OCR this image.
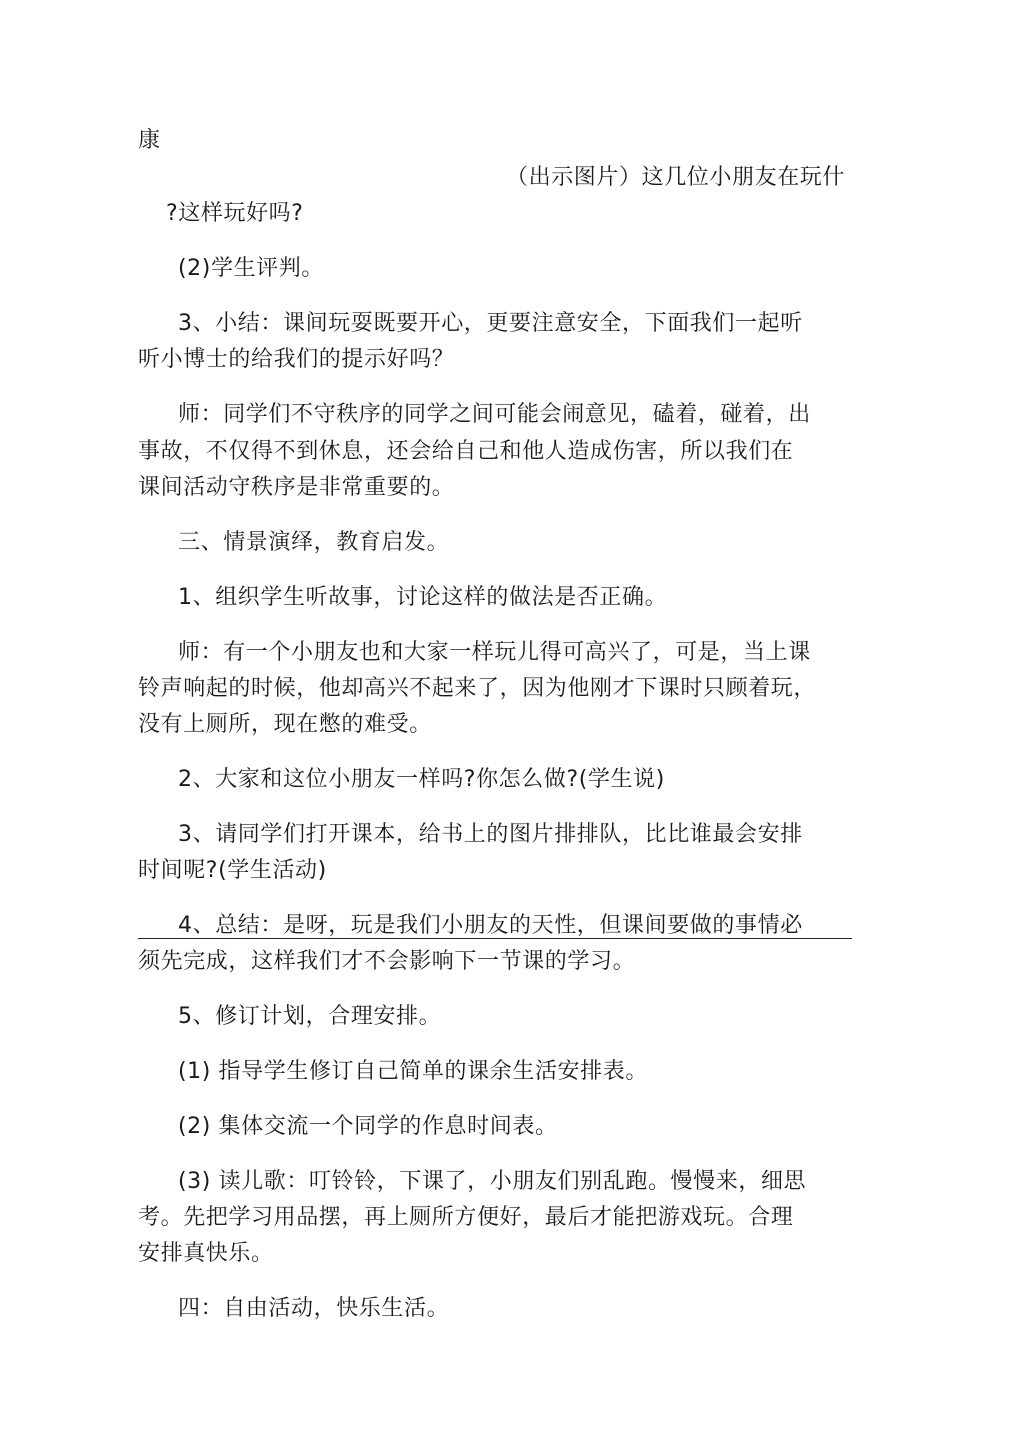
康
（出示图片）这几位小朋友在玩什
?这样玩好吗?
(2)学生评判。
3、小结：课间玩耍既要开心，更要注意安全，下面我们一起听
听小博士的给我们的提示好吗？
师：同学们不守秩序的同学之间可能会闹意见，磕着，碰着，出
事故，不仅得不到休息，还会给自己和他人造成伤害，所以我们在
课间活动守秩序是非常重要的。
三、情景演绎，教育启发。
1、组织学生听故事，讨论这样的做法是否正确。
师：有一个小朋友也和大家一样玩儿得可高兴了，可是，当上课
铃声响起的时候，他却高兴不起来了，因为他刚才下课时只顾着玩，
没有上厕所，现在憋的难受。
2、大家和这位小朋友一样吗?你怎么做?(学生说)
3、请同学们打开课本，给书上的图片排排队，比比谁最会安排
时间呢?(学生活动)
4、总结：是呀，玩是我们小朋友的天性，但课间要做的事情必
须先完成，这样我们才不会影响下一节课的学习。
5、修订计划，合理安排。
(1) 指导学生修订自己简单的课余生活安排表。
(2) 集体交流一个同学的作息时间表。
(3) 读儿歌：叮铃铃，下课了，小朋友们别乱跑。慢慢来，细思
考。先把学习用品摆，再上厕所方便好，最后才能把游戏玩。合理
安排真快乐。
四：自由活动，快乐生活。
